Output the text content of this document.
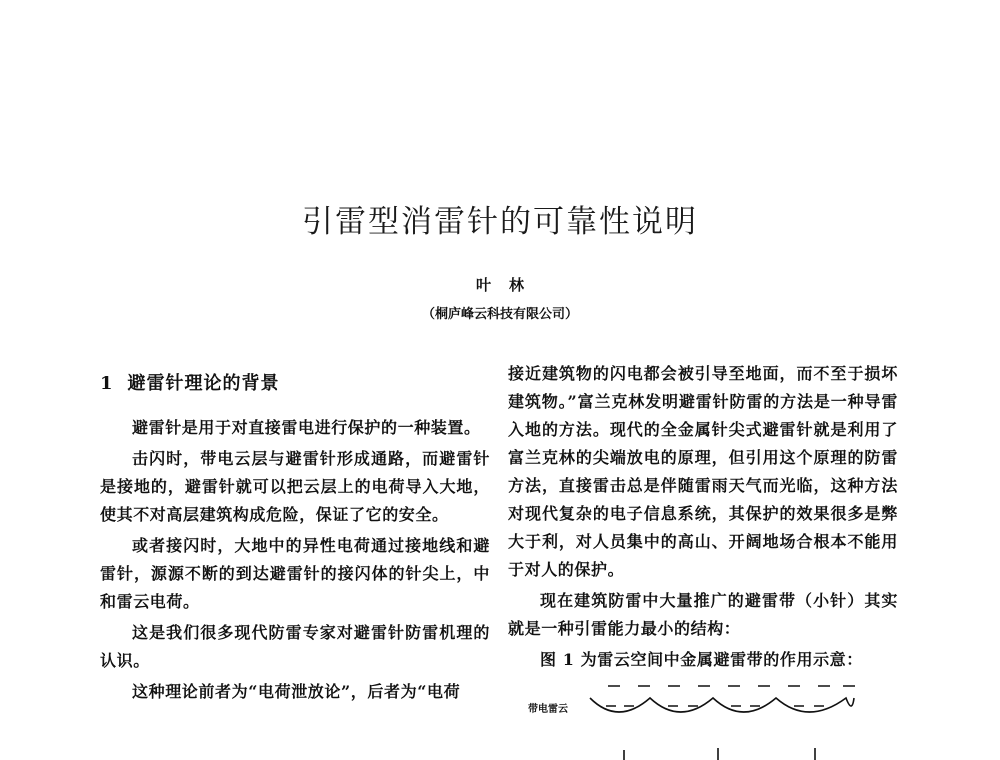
引雷型消雷针的可靠性说明
叶林
（桐庐峰云科技有限公司）
1 避雷针理论的背景

避雷针是用于对直接雷电进行保护的一种装置。

击闪时，带电云层与避雷针形成通路，而避雷针是接地的，避雷针就可以把云层上的电荷导入大地，使其不对高层建筑构成危险，保证了它的安全。

或者接闪时，大地中的异性电荷通过接地线和避雷针，源源不断的到达避雷针的接闪体的针尖上，中和雷云电荷。

这是我们很多现代防雷专家对避雷针防雷机理的认识。

这种理论前者为“电荷泄放论”，后者为“电荷

接近建筑物的闪电都会被引导至地面，而不至于损坏建筑物。”富兰克林发明避雷针防雷的方法是一种导雷入地的方法。现代的全金属针尖式避雷针就是利用了富兰克林的尖端放电的原理，但引用这个原理的防雷方法，直接雷击总是伴随雷雨天气而光临，这种方法对现代复杂的电子信息系统，其保护的效果很多是弊大于利，对人员集中的高山、开阔地场合根本不能用于对人的保护。

现在建筑防雷中大量推广的避雷带（小针）其实就是一种引雷能力最小的结构：

图 1 为雷云空间中金属避雷带的作用示意：

带电雷云
